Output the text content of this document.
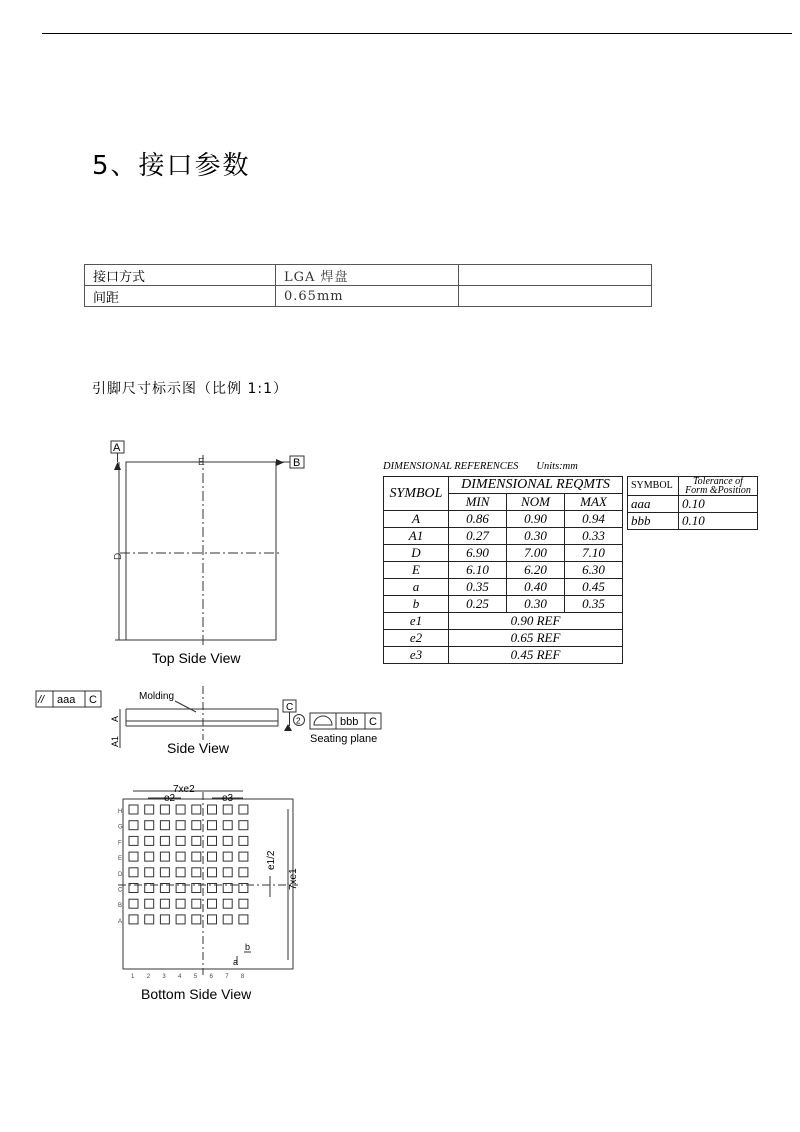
5、接口参数
接口方式	LGA 焊盘	
间距	0.65mm	
引脚尺寸标示图（比例 1:1）
DIMENSIONAL REFERENCES Units:mm
SYMBOL	DIMENSIONAL REQMTS		
	MIN	NOM	MAX
A	0.86	0.90	0.94
A1	0.27	0.30	0.33
D	6.90	7.00	7.10
E	6.10	6.20	6.30
a	0.35	0.40	0.45
b	0.25	0.30	0.35
e1	0.90 REF		
e2	0.65 REF		
e3	0.45 REF		
SYMBOL	Tolerance of
Form &Position
aaa	0.10
bbb	0.10
A
B
E
D
Top Side View
// aaa C	Molding
C
2	bbb C
Seating plane
A
A1	Side View
H
G
F
E
D
C
B
A
1 2 3 4 5 6 7 8
7xe2
e2	e3
7xe1
e1/2
a
b
Bottom Side View
